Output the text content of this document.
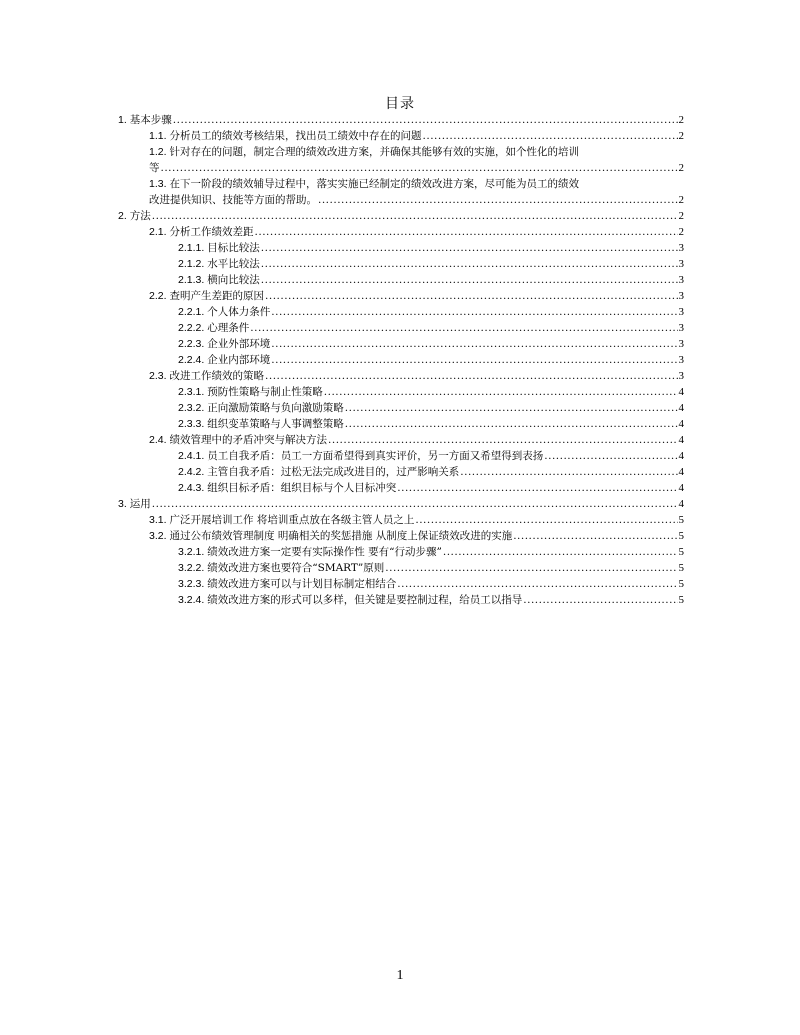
目录
1. 基本步骤 .....	2
1.1. 分析员工的绩效考核结果，找出员工绩效中存在的问题 .....	2
1.2. 针对存在的问题，制定合理的绩效改进方案，并确保其能够有效的实施，如个性化的培训
等 .....	2
1.3. 在下一阶段的绩效辅导过程中，落实实施已经制定的绩效改进方案，尽可能为员工的绩效
改进提供知识、技能等方面的帮助。 .....	2
2. 方法 .....	2
2.1. 分析工作绩效差距 .....	2
2.1.1. 目标比较法 .....	3
2.1.2. 水平比较法 .....	3
2.1.3. 横向比较法 .....	3
2.2. 查明产生差距的原因 .....	3
2.2.1. 个人体力条件 .....	3
2.2.2. 心理条件 .....	3
2.2.3. 企业外部环境 .....	3
2.2.4. 企业内部环境 .....	3
2.3. 改进工作绩效的策略 .....	3
2.3.1. 预防性策略与制止性策略 .....	4
2.3.2. 正向激励策略与负向激励策略 .....	4
2.3.3. 组织变革策略与人事调整策略 .....	4
2.4. 绩效管理中的矛盾冲突与解决方法 .....	4
2.4.1. 员工自我矛盾：员工一方面希望得到真实评价，另一方面又希望得到表扬 .....	4
2.4.2. 主管自我矛盾：过松无法完成改进目的，过严影响关系 .....	4
2.4.3. 组织目标矛盾：组织目标与个人目标冲突 .....	4
3. 运用 .....	4
3.1. 广泛开展培训工作 将培训重点放在各级主管人员之上 .....	5
3.2. 通过公布绩效管理制度 明确相关的奖惩措施 从制度上保证绩效改进的实施 .....	5
3.2.1. 绩效改进方案一定要有实际操作性 要有“行动步骤” .....	5
3.2.2. 绩效改进方案也要符合“SMART”原则 .....	5
3.2.3. 绩效改进方案可以与计划目标制定相结合 .....	5
3.2.4. 绩效改进方案的形式可以多样，但关键是要控制过程，给员工以指导 .....	5
1
